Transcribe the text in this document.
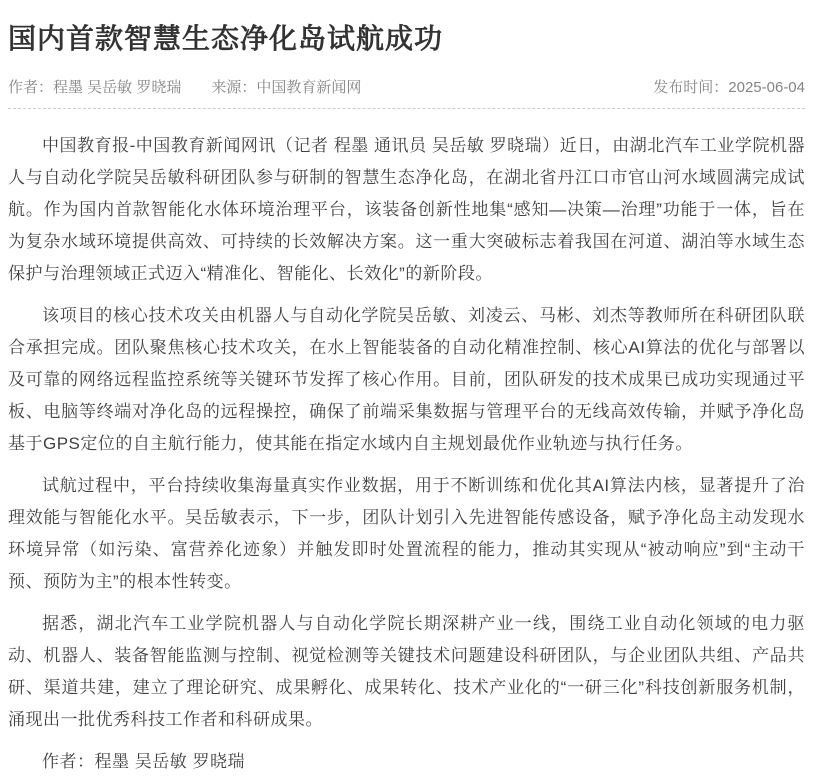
国内首款智慧生态净化岛试航成功
作者：程墨 吴岳敏 罗晓瑞 来源：中国教育新闻网	发布时间：2025-06-04

中国教育报-中国教育新闻网讯（记者 程墨 通讯员 吴岳敏 罗晓瑞）近日，由湖北汽车工业学院机器人与自动化学院吴岳敏科研团队参与研制的智慧生态净化岛，在湖北省丹江口市官山河水域圆满完成试航。作为国内首款智能化水体环境治理平台，该装备创新性地集“感知—决策—治理”功能于一体，旨在为复杂水域环境提供高效、可持续的长效解决方案。这一重大突破标志着我国在河道、湖泊等水域生态保护与治理领域正式迈入“精准化、智能化、长效化”的新阶段。

该项目的核心技术攻关由机器人与自动化学院吴岳敏、刘凌云、马彬、刘杰等教师所在科研团队联合承担完成。团队聚焦核心技术攻关，在水上智能装备的自动化精准控制、核心AI算法的优化与部署以及可靠的网络远程监控系统等关键环节发挥了核心作用。目前，团队研发的技术成果已成功实现通过平板、电脑等终端对净化岛的远程操控，确保了前端采集数据与管理平台的无线高效传输，并赋予净化岛基于GPS定位的自主航行能力，使其能在指定水域内自主规划最优作业轨迹与执行任务。

试航过程中，平台持续收集海量真实作业数据，用于不断训练和优化其AI算法内核，显著提升了治理效能与智能化水平。吴岳敏表示，下一步，团队计划引入先进智能传感设备，赋予净化岛主动发现水环境异常（如污染、富营养化迹象）并触发即时处置流程的能力，推动其实现从“被动响应”到“主动干预、预防为主”的根本性转变。

据悉，湖北汽车工业学院机器人与自动化学院长期深耕产业一线，围绕工业自动化领域的电力驱动、机器人、装备智能监测与控制、视觉检测等关键技术问题建设科研团队，与企业团队共组、产品共研、渠道共建，建立了理论研究、成果孵化、成果转化、技术产业化的“一研三化”科技创新服务机制，涌现出一批优秀科技工作者和科研成果。

作者：程墨 吴岳敏 罗晓瑞
